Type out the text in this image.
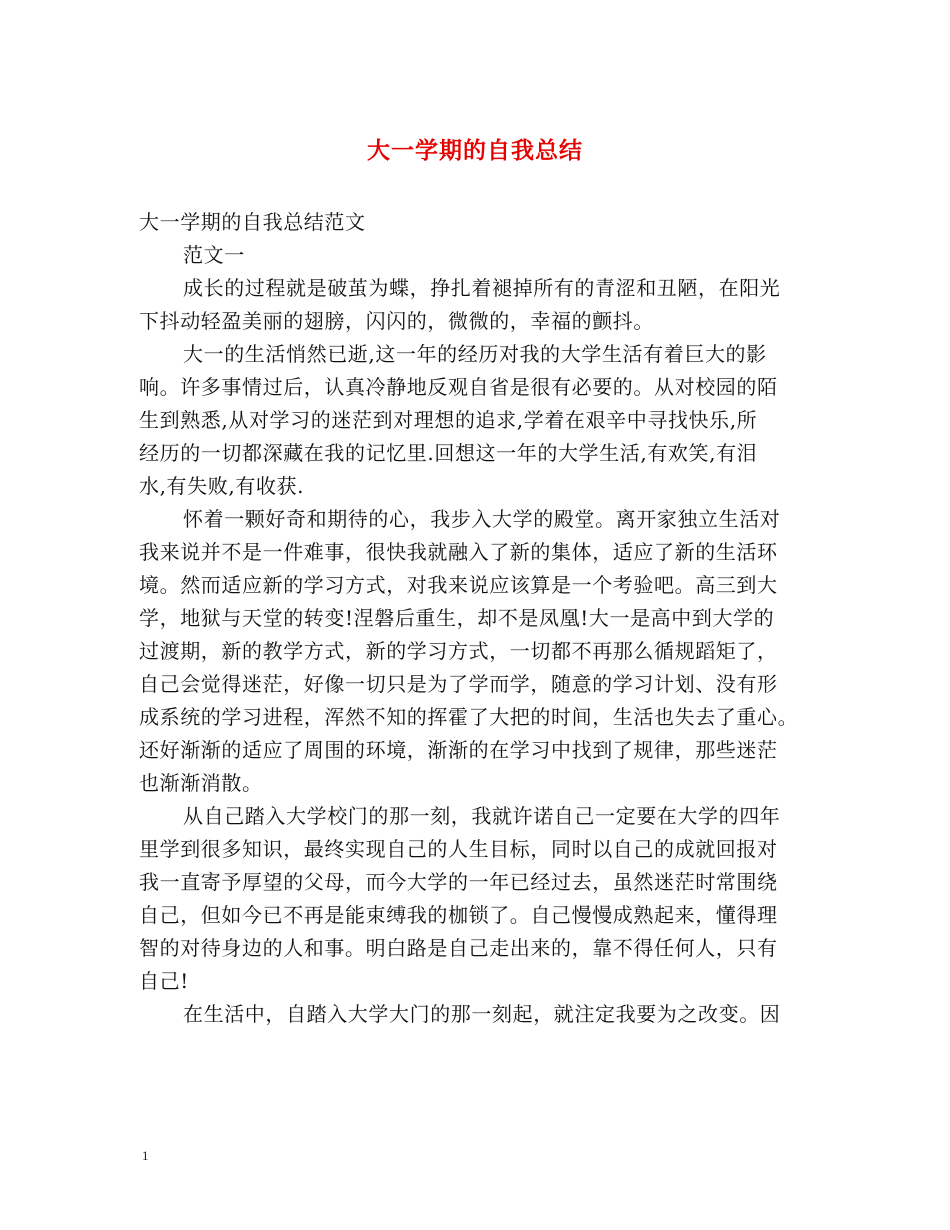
大一学期的自我总结
大一学期的自我总结范文
范文一
成长的过程就是破茧为蝶，挣扎着褪掉所有的青涩和丑陋，在阳光
下抖动轻盈美丽的翅膀，闪闪的，微微的，幸福的颤抖。
大一的生活悄然已逝,这一年的经历对我的大学生活有着巨大的影
响。许多事情过后，认真冷静地反观自省是很有必要的。从对校园的陌
生到熟悉,从对学习的迷茫到对理想的追求,学着在艰辛中寻找快乐,所
经历的一切都深藏在我的记忆里.回想这一年的大学生活,有欢笑,有泪
水,有失败,有收获.
怀着一颗好奇和期待的心，我步入大学的殿堂。离开家独立生活对
我来说并不是一件难事，很快我就融入了新的集体，适应了新的生活环
境。然而适应新的学习方式，对我来说应该算是一个考验吧。高三到大
学，地狱与天堂的转变!涅磐后重生，却不是凤凰!大一是高中到大学的
过渡期，新的教学方式，新的学习方式，一切都不再那么循规蹈矩了，
自己会觉得迷茫，好像一切只是为了学而学，随意的学习计划、没有形
成系统的学习进程，浑然不知的挥霍了大把的时间，生活也失去了重心。
还好渐渐的适应了周围的环境，渐渐的在学习中找到了规律，那些迷茫
也渐渐消散。
从自己踏入大学校门的那一刻，我就许诺自己一定要在大学的四年
里学到很多知识，最终实现自己的人生目标，同时以自己的成就回报对
我一直寄予厚望的父母，而今大学的一年已经过去，虽然迷茫时常围绕
自己，但如今已不再是能束缚我的枷锁了。自己慢慢成熟起来，懂得理
智的对待身边的人和事。明白路是自己走出来的，靠不得任何人，只有
自己!
在生活中，自踏入大学大门的那一刻起，就注定我要为之改变。因
1
